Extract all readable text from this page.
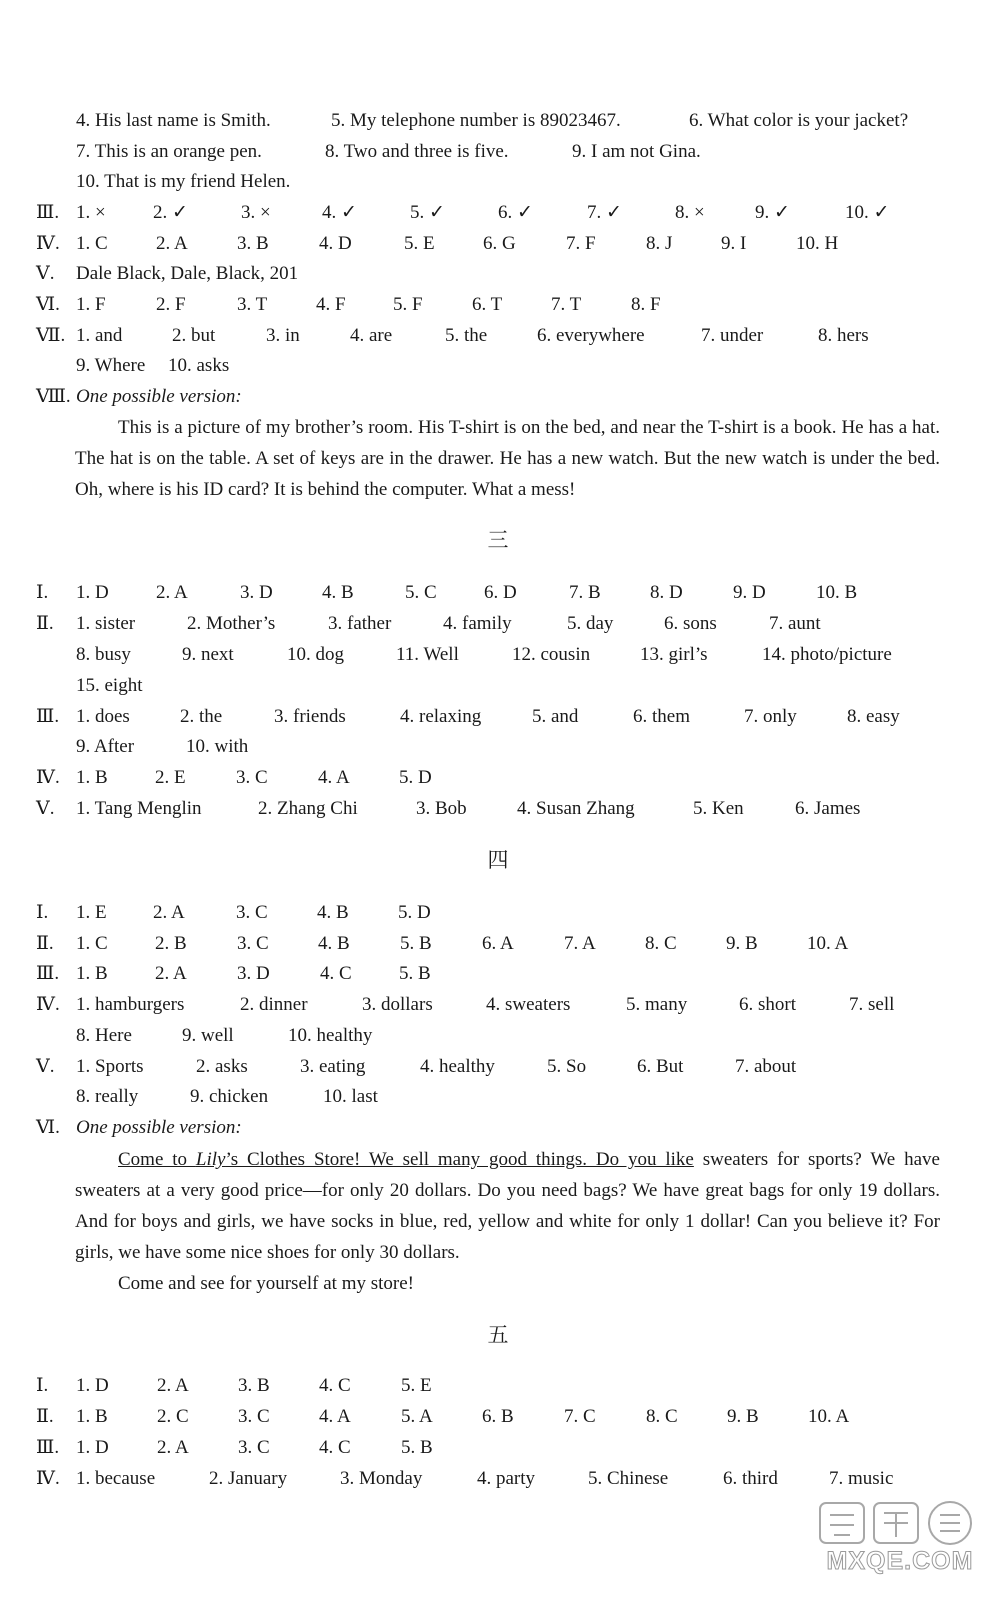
4. His last name is Smith.	5. My telephone number is 89023467.	6. What color is your jacket?
7. This is an orange pen.	8. Two and three is five.	9. I am not Gina.
10. That is my friend Helen.
Ⅲ. 1. × 2. ✓	3. ×	4. ✓	5. ✓	6. ✓	7. ✓	8. ×	9. ✓	10. ✓
Ⅳ. 1. C	2. A	3. B	4. D	5. E	6. G	7. F	8. J	9. I	10. H
Ⅴ. Dale Black, Dale, Black, 201
Ⅵ. 1. F	2. F	3. T	4. F 5. F	6. T	7. T	8. F
Ⅶ. 1. and	2. but	3. in	4. are	5. the	6. everywhere	7. under	8. hers
9. Where 10. asks
Ⅷ. One possible version:

This is a picture of my brother’s room. His T-shirt is on the bed, and near the T-shirt is a book. He has a hat. The hat is on the table. A set of keys are in the drawer. He has a new watch. But the new watch is under the bed. Oh, where is his ID card? It is behind the computer. What a mess!

三
Ⅰ. 1. D 2. A	3. D	4. B	5. C 6. D	7. B	8. D	9. D	10. B
Ⅱ. 1. sister	2. Mother’s	3. father	4. family	5. day	6. sons	7. aunt
8. busy	9. next	10. dog	11. Well	12. cousin	13. girl’s	14. photo/picture
15. eight
Ⅲ. 1. does	2. the	3. friends	4. relaxing	5. and	6. them	7. only	8. easy
9. After	10. with
Ⅳ. 1. B 2. E	3. C	4. A	5. D
Ⅴ. 1. Tang Menglin	2. Zhang Chi	3. Bob	4. Susan Zhang	5. Ken	6. James
四
Ⅰ. 1. E 2. A	3. C	4. B	5. D
Ⅱ. 1. C 2. B	3. C	4. B	5. B	6. A	7. A	8. C	9. B	10. A
Ⅲ. 1. B 2. A	3. D	4. C 5. B
Ⅳ. 1. hamburgers	2. dinner	3. dollars	4. sweaters	5. many	6. short	7. sell
8. Here	9. well	10. healthy
Ⅴ. 1. Sports	2. asks	3. eating	4. healthy	5. So	6. But	7. about
8. really	9. chicken	10. last
Ⅵ. One possible version:

Come to Lily’s Clothes Store! We sell many good things. Do you like sweaters for sports? We have sweaters at a very good price—for only 20 dollars. Do you need bags? We have great bags for only 19 dollars. And for boys and girls, we have socks in blue, red, yellow and white for only 1 dollar! Can you believe it? For girls, we have some nice shoes for only 30 dollars.

Come and see for yourself at my store!

五
Ⅰ. 1. D	2. A	3. B	4. C	5. E
Ⅱ. 1. B	2. C	3. C	4. A	5. A	6. B	7. C	8. C	9. B	10. A
Ⅲ. 1. D	2. A	3. C	4. C	5. B
Ⅳ. 1. because	2. January	3. Monday	4. party	5. Chinese	6. third	7. music
MXQE.COM
